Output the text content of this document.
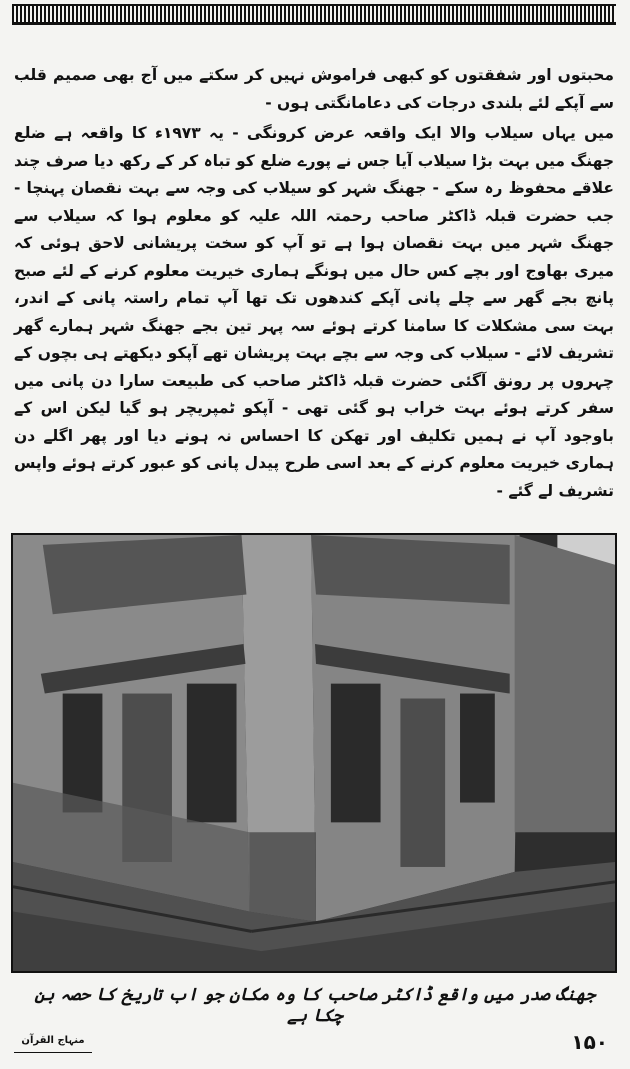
محبتوں اور شفقتوں کو کبھی فراموش نہیں کر سکتے میں آج بھی صمیم قلب سے آپکے لئے بلندی درجات کی دعامانگتی ہوں -

میں یہاں سیلاب والا ایک واقعہ عرض کرونگی - یہ ۱۹۷۳ء کا واقعہ ہے ضلع جھنگ میں بہت بڑا سیلاب آیا جس نے پورے ضلع کو تباہ کر کے رکھ دیا صرف چند علاقے محفوظ رہ سکے - جھنگ شہر کو سیلاب کی وجہ سے بہت نقصان پہنچا - جب حضرت قبلہ ڈاکٹر صاحب رحمتہ اللہ علیہ کو معلوم ہوا کہ سیلاب سے جھنگ شہر میں بہت نقصان ہوا ہے تو آپ کو سخت پریشانی لاحق ہوئی کہ میری بھاوج اور بچے کس حال میں ہونگے ہماری خیریت معلوم کرنے کے لئے صبح پانچ بجے گھر سے چلے پانی آپکے کندھوں تک تھا آپ تمام راستہ پانی کے اندر، بہت سی مشکلات کا سامنا کرتے ہوئے سہ پہر تین بجے جھنگ شہر ہمارے گھر تشریف لائے - سیلاب کی وجہ سے بچے بہت پریشان تھے آپکو دیکھتے ہی بچوں کے چہروں پر رونق آگئی حضرت قبلہ ڈاکٹر صاحب کی طبیعت سارا دن پانی میں سفر کرتے ہوئے بہت خراب ہو گئی تھی - آپکو ٹمپریچر ہو گیا لیکن اس کے باوجود آپ نے ہمیں تکلیف اور تھکن کا احساس نہ ہونے دیا اور پھر اگلے دن ہماری خیریت معلوم کرنے کے بعد اسی طرح پیدل پانی کو عبور کرتے ہوئے واپس تشریف لے گئے -

جھنگ صدر میں واقع ڈاکٹر صاحب کا وہ مکان جو اب تاریخ کا حصہ بن چکا ہے
منہاج القرآن	۱۵۰
